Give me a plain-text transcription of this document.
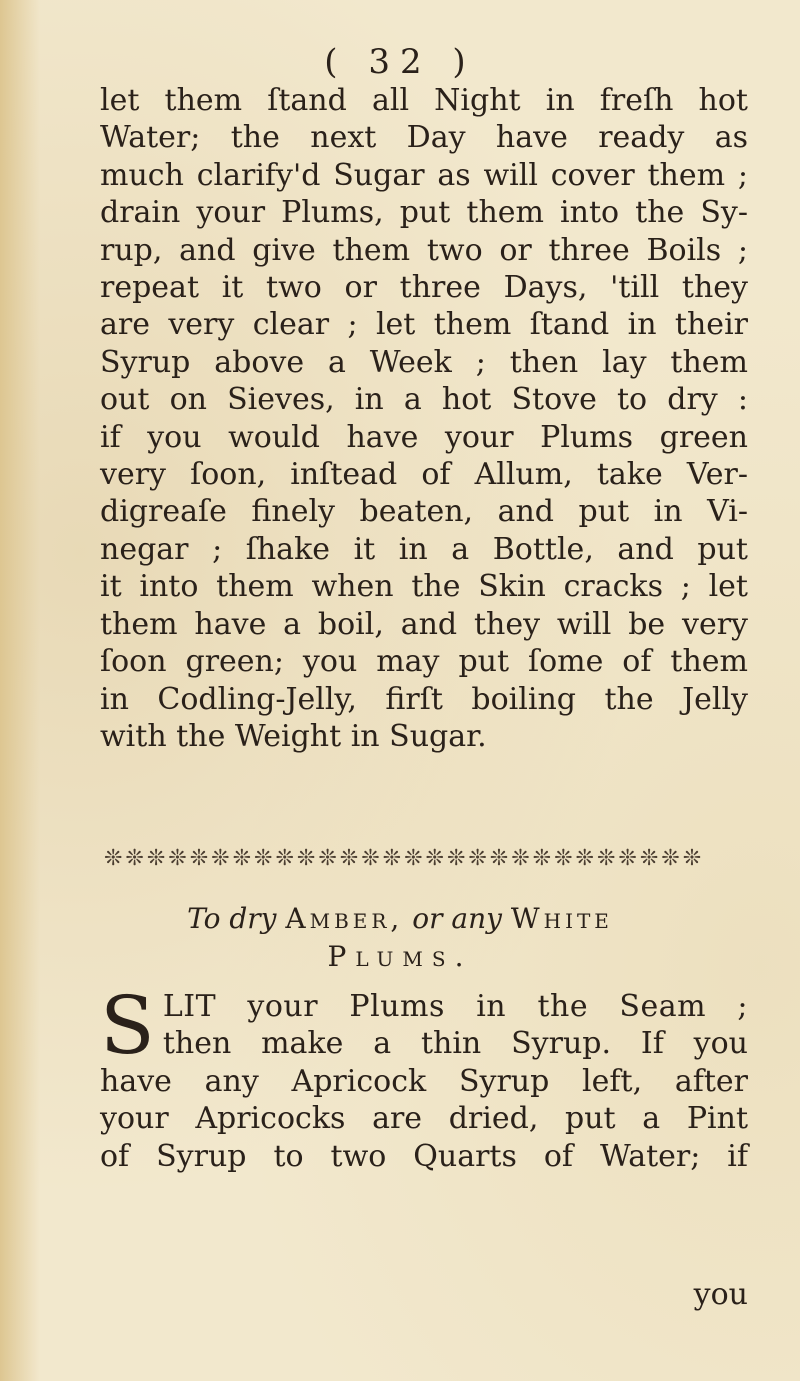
( 32 )
let them ſtand all Night in freſh hot
Water; the next Day have ready as
much clarify'd Sugar as will cover them ;
drain your Plums, put them into the Sy-
rup, and give them two or three Boils ;
repeat it two or three Days, 'till they
are very clear ; let them ſtand in their
Syrup above a Week ; then lay them
out on Sieves, in a hot Stove to dry :
if you would have your Plums green
very ſoon, inſtead of Allum, take Ver-
digreaſe finely beaten, and put in Vi-
negar ; ſhake it in a Bottle, and put
it into them when the Skin cracks ; let
them have a boil, and they will be very
ſoon green; you may put ſome of them
in Codling-Jelly, firſt boiling the Jelly
with the Weight in Sugar.
❊❊❊❊❊❊❊❊❊❊❊❊❊❊❊❊❊❊❊❊❊❊❊❊❊❊❊❊
To dry Amber, or any White
Plums.
S LIT your Plums in the Seam ;
then make a thin Syrup. If you
have any Apricock Syrup left, after
your Apricocks are dried, put a Pint
of Syrup to two Quarts of Water; if
you
